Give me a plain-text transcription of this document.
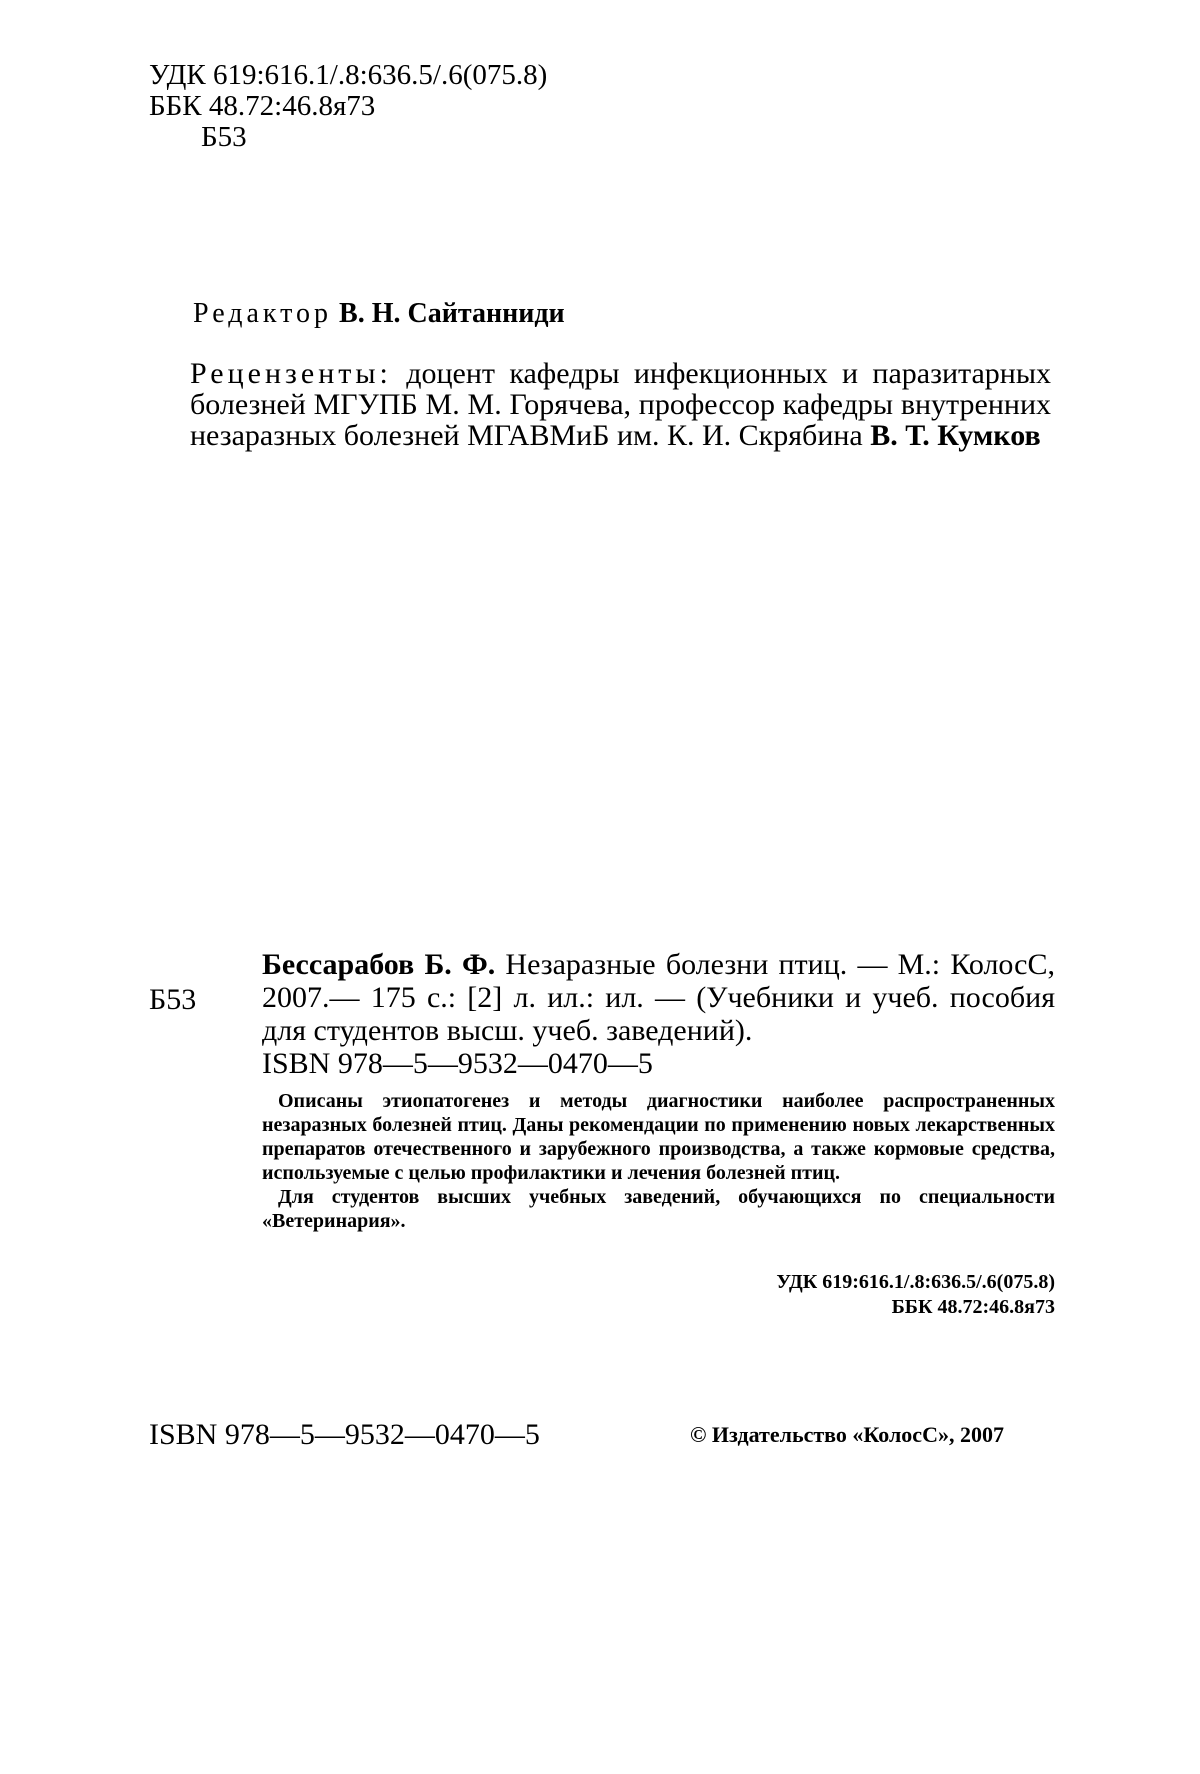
УДК 619:616.1/.8:636.5/.6(075.8)
ББК 48.72:46.8я73
Б53
Редактор В. Н. Сайтанниди
Рецензенты: доцент кафедры инфекционных и паразитарных болезней МГУПБ М. М. Горячева, профессор кафедры внутренних незаразных болезней МГАВМиБ им. К. И. Скрябина В. Т. Кумков
Б53
Бессарабов Б. Ф. Незаразные болезни птиц. — М.: КолосС, 2007.— 175 с.: [2] л. ил.: ил. — (Учебники и учеб. пособия для студентов высш. учеб. заведений).
ISBN 978—5—9532—0470—5

Описаны этиопатогенез и методы диагностики наиболее распространенных незаразных болезней птиц. Даны рекомендации по применению новых лекарственных препаратов отечественного и зарубежного производства, а также кормовые средства, используемые с целью профилактики и лечения болезней птиц.

Для студентов высших учебных заведений, обучающихся по специальности «Ветеринария».

УДК 619:616.1/.8:636.5/.6(075.8)
ББК 48.72:46.8я73
ISBN 978—5—9532—0470—5	© Издательство «КолосС», 2007
